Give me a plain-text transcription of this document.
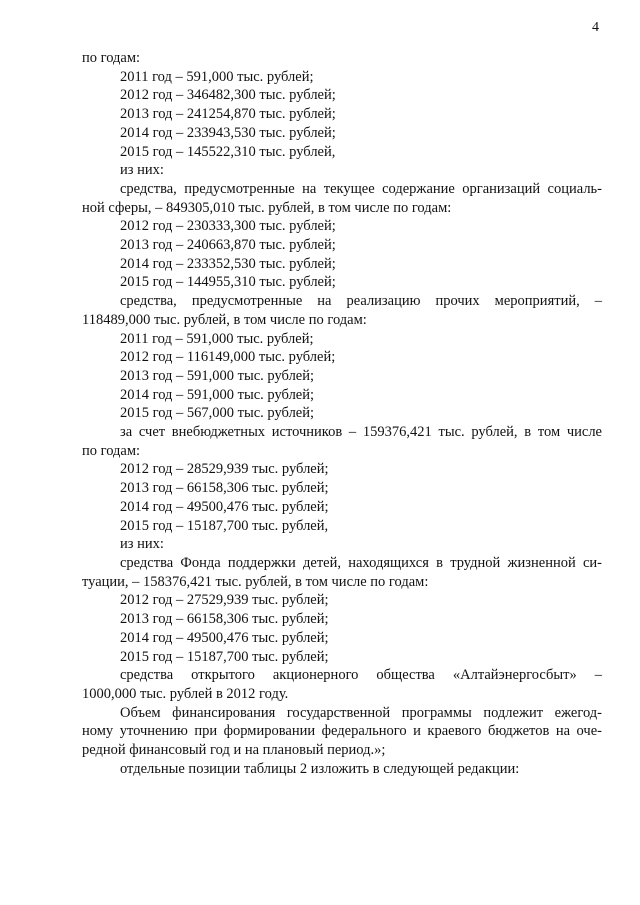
4
по годам:
2011 год – 591,000 тыс. рублей;
2012 год – 346482,300 тыс. рублей;
2013 год – 241254,870 тыс. рублей;
2014 год – 233943,530 тыс. рублей;
2015 год – 145522,310 тыс. рублей,
из них:
средства, предусмотренные на текущее содержание организаций социаль-
ной сферы, – 849305,010 тыс. рублей, в том числе по годам:
2012 год – 230333,300 тыс. рублей;
2013 год – 240663,870 тыс. рублей;
2014 год – 233352,530 тыс. рублей;
2015 год – 144955,310 тыс. рублей;
средства, предусмотренные на реализацию прочих мероприятий, –
118489,000 тыс. рублей, в том числе по годам:
2011 год – 591,000 тыс. рублей;
2012 год – 116149,000 тыс. рублей;
2013 год – 591,000 тыс. рублей;
2014 год – 591,000 тыс. рублей;
2015 год – 567,000 тыс. рублей;
за счет внебюджетных источников – 159376,421 тыс. рублей, в том числе
по годам:
2012 год – 28529,939 тыс. рублей;
2013 год – 66158,306 тыс. рублей;
2014 год – 49500,476 тыс. рублей;
2015 год – 15187,700 тыс. рублей,
из них:
средства Фонда поддержки детей, находящихся в трудной жизненной си-
туации, – 158376,421 тыс. рублей, в том числе по годам:
2012 год – 27529,939 тыс. рублей;
2013 год – 66158,306 тыс. рублей;
2014 год – 49500,476 тыс. рублей;
2015 год – 15187,700 тыс. рублей;
средства открытого акционерного общества «Алтайэнергосбыт» –
1000,000 тыс. рублей в 2012 году.
Объем финансирования государственной программы подлежит ежегод-
ному уточнению при формировании федерального и краевого бюджетов на оче-
редной финансовый год и на плановый период.»;
отдельные позиции таблицы 2 изложить в следующей редакции:
